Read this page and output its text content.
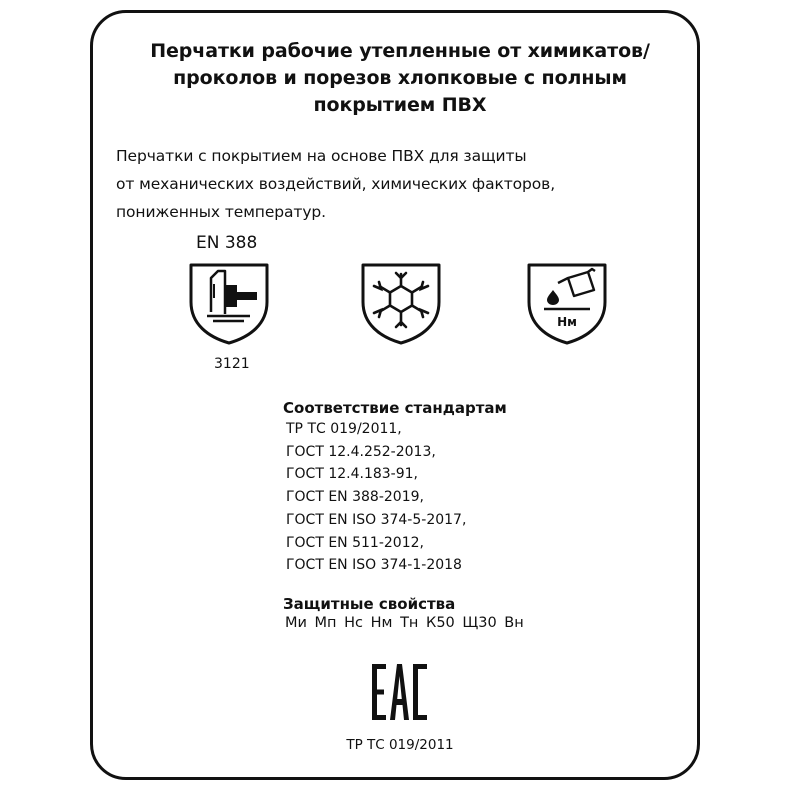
Перчатки рабочие утепленные от химикатов/
проколов и порезов хлопковые с полным
покрытием ПВХ
Перчатки с покрытием на основе ПВХ для защиты
от механических воздействий, химических факторов,
пониженных температур.
EN 388
3121
Нм
Соответствие стандартам
ТР ТС 019/2011,
ГОСТ 12.4.252-2013,
ГОСТ 12.4.183-91,
ГОСТ EN 388-2019,
ГОСТ EN ISO 374-5-2017,
ГОСТ EN 511-2012,
ГОСТ EN ISO 374-1-2018
Защитные свойства
Ми Мп Нс Нм Тн К50 Щ30 Вн
ТР ТС 019/2011
